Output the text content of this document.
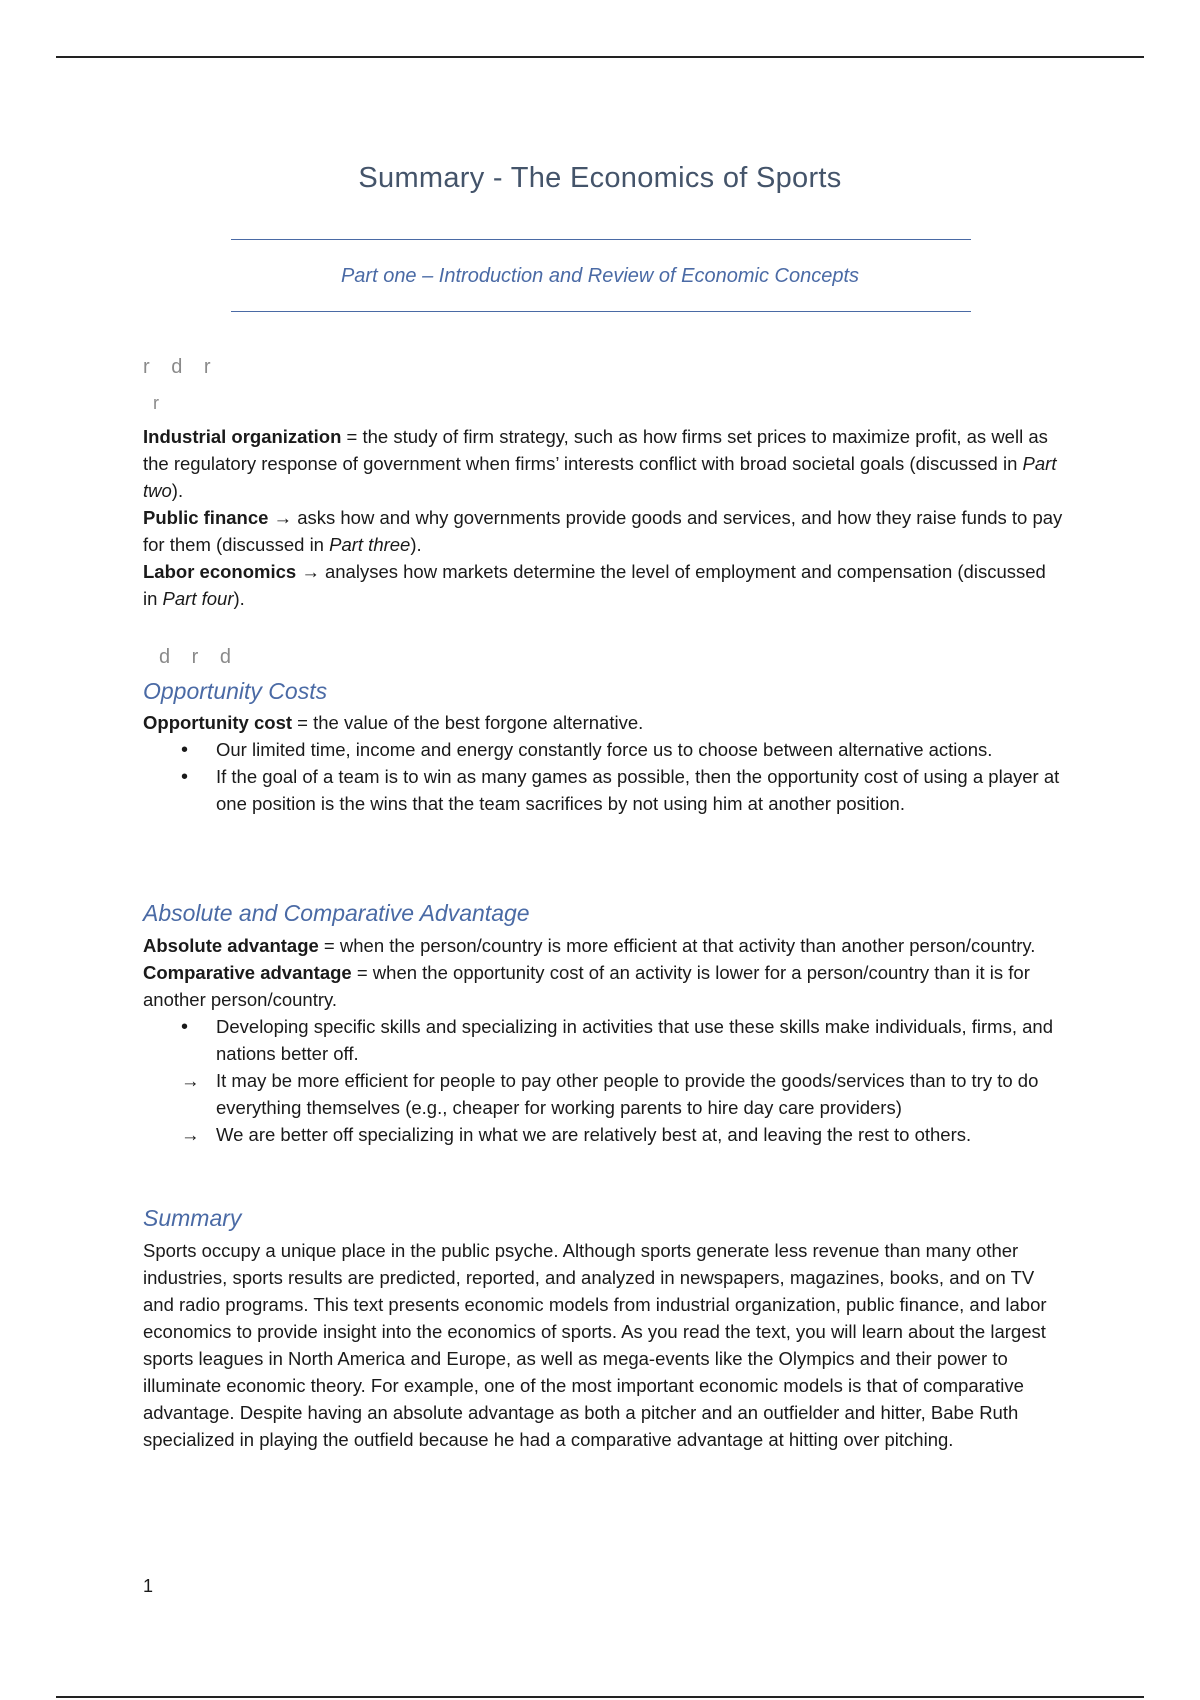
Summary - The Economics of Sports
Part one – Introduction and Review of Economic Concepts
r d r
r

Industrial organization = the study of firm strategy, such as how firms set prices to maximize profit, as well as the regulatory response of government when firms’ interests conflict with broad societal goals (discussed in Part two).

Public finance → asks how and why governments provide goods and services, and how they raise funds to pay for them (discussed in Part three).

Labor economics → analyses how markets determine the level of employment and compensation (discussed in Part four).

d r d
Opportunity Costs

Opportunity cost = the value of the best forgone alternative.

•
Our limited time, income and energy constantly force us to choose between alternative actions.
•
If the goal of a team is to win as many games as possible, then the opportunity cost of using a player at one position is the wins that the team sacrifices by not using him at another position.
Absolute and Comparative Advantage

Absolute advantage = when the person/country is more efficient at that activity than another person/country.

Comparative advantage = when the opportunity cost of an activity is lower for a person/country than it is for another person/country.

•
Developing specific skills and specializing in activities that use these skills make individuals, firms, and nations better off.
→ It may be more efficient for people to pay other people to provide the goods/services than to try to do everything themselves (e.g., cheaper for working parents to hire day care providers)
→ We are better off specializing in what we are relatively best at, and leaving the rest to others.
Summary

Sports occupy a unique place in the public psyche. Although sports generate less revenue than many other industries, sports results are predicted, reported, and analyzed in newspapers, magazines, books, and on TV and radio programs. This text presents economic models from industrial organization, public finance, and labor economics to provide insight into the economics of sports. As you read the text, you will learn about the largest sports leagues in North America and Europe, as well as mega-events like the Olympics and their power to illuminate economic theory. For example, one of the most important economic models is that of comparative advantage. Despite having an absolute advantage as both a pitcher and an outfielder and hitter, Babe Ruth specialized in playing the outfield because he had a comparative advantage at hitting over pitching.

1
